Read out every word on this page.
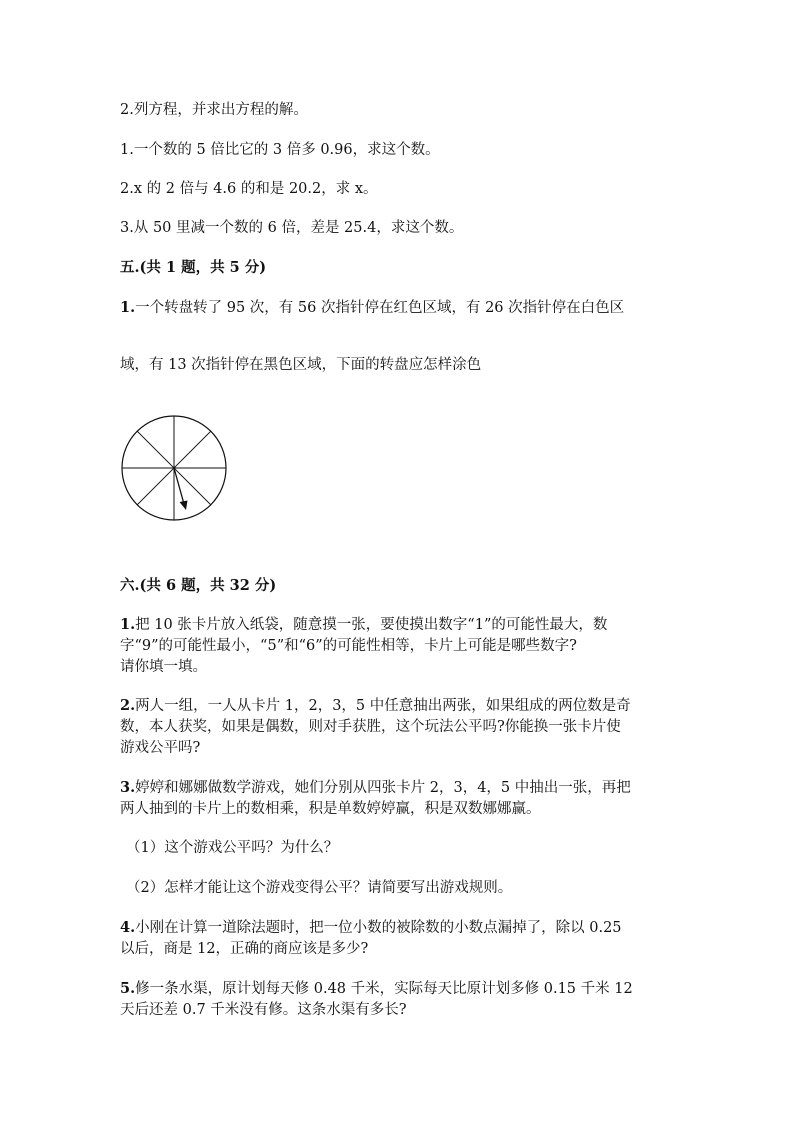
2.列方程，并求出方程的解。
1.一个数的 5 倍比它的 3 倍多 0.96，求这个数。
2.x 的 2 倍与 4.6 的和是 20.2，求 x。
3.从 50 里减一个数的 6 倍，差是 25.4，求这个数。
五.(共 1 题，共 5 分)
1.一个转盘转了 95 次，有 56 次指针停在红色区域，有 26 次指针停在白色区
域，有 13 次指针停在黑色区域，下面的转盘应怎样涂色
六.(共 6 题，共 32 分)
1.把 10 张卡片放入纸袋，随意摸一张，要使摸出数字“1”的可能性最大，数
字“9”的可能性最小，“5”和“6”的可能性相等，卡片上可能是哪些数字?
请你填一填。
2.两人一组，一人从卡片 1，2，3，5 中任意抽出两张，如果组成的两位数是奇
数，本人获奖，如果是偶数，则对手获胜，这个玩法公平吗?你能换一张卡片使
游戏公平吗?
3.婷婷和娜娜做数学游戏，她们分别从四张卡片 2，3，4，5 中抽出一张，再把
两人抽到的卡片上的数相乘，积是单数婷婷赢，积是双数娜娜赢。
（1）这个游戏公平吗？为什么？
（2）怎样才能让这个游戏变得公平？请简要写出游戏规则。
4.小刚在计算一道除法题时，把一位小数的被除数的小数点漏掉了，除以 0.25
以后，商是 12，正确的商应该是多少?
5.修一条水渠，原计划每天修 0.48 千米，实际每天比原计划多修 0.15 千米 12
天后还差 0.7 千米没有修。这条水渠有多长?
